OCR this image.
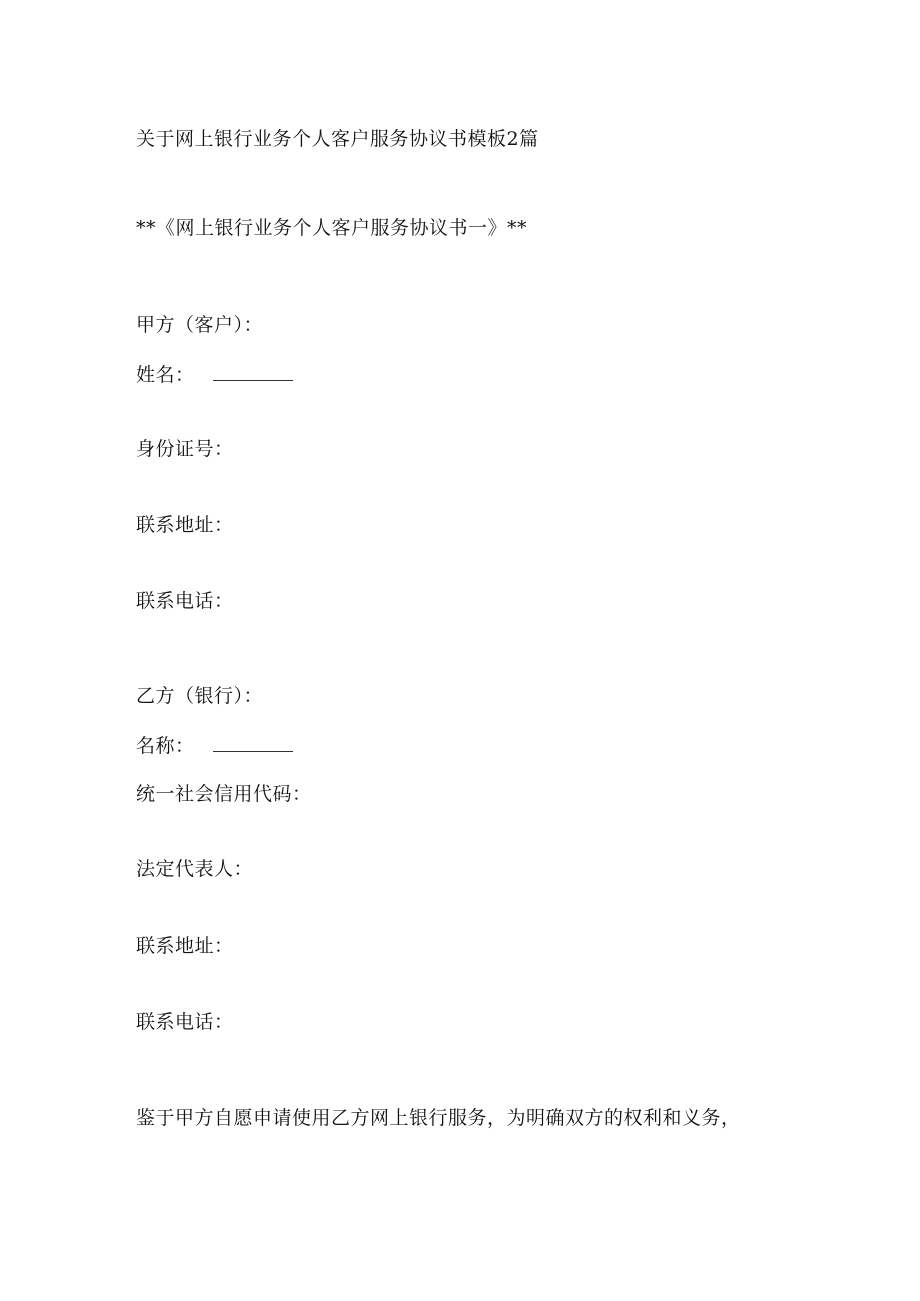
关于网上银行业务个人客户服务协议书模板2篇
**《网上银行业务个人客户服务协议书一》**
甲方（客户）：
姓名：
身份证号：
联系地址：
联系电话：
乙方（银行）：
名称：
统一社会信用代码：
法定代表人：
联系地址：
联系电话：
鉴于甲方自愿申请使用乙方网上银行服务，为明确双方的权利和义务，
